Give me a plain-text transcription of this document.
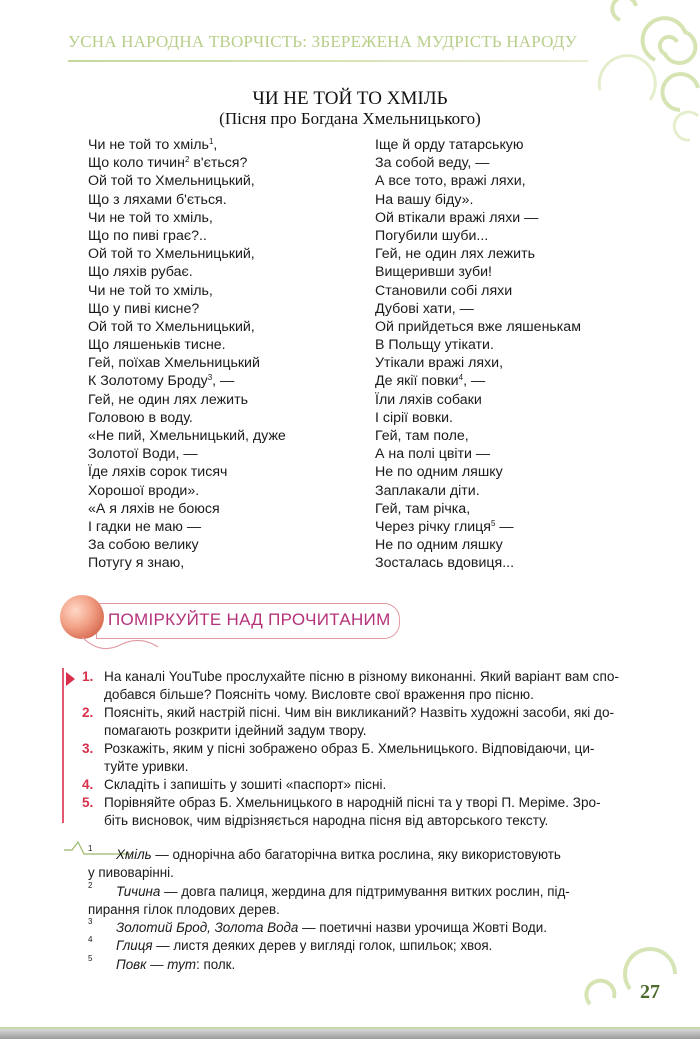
УСНА НАРОДНА ТВОРЧІСТЬ: ЗБЕРЕЖЕНА МУДРІСТЬ НАРОДУ
ЧИ НЕ ТОЙ ТО ХМІЛЬ
(Пісня про Богдана Хмельницького)
Чи не той то хміль$^1$,
Що коло тичин$^2$ в'ється?
Ой той то Хмельницький,
Що з ляхами б'ється.
Чи не той то хміль,
Що по пиві грає?..
Ой той то Хмельницький,
Що ляхів рубає.
Чи не той то хміль,
Що у пиві кисне?
Ой той то Хмельницький,
Що ляшеньків тисне.
Гей, поїхав Хмельницький
К Золотому Броду$^3$, —
Гей, не один лях лежить
Головою в воду.
«Не пий, Хмельницький, дуже
Золотої Води, —
Їде ляхів сорок тисяч
Хорошої вроди».
«А я ляхів не боюся
І гадки не маю —
За собою велику
Потугу я знаю,
Іще й орду татарськую
За собой веду, —
А все тото, вражі ляхи,
На вашу біду».
Ой втікали вражі ляхи —
Погубили шуби...
Гей, не один лях лежить
Вищеривши зуби!
Становили собі ляхи
Дубові хати, —
Ой прийдеться вже ляшенькам
В Польщу утікати.
Утікали вражі ляхи,
Де якії повки$^4$, —
Їли ляхів собаки
І сірії вовки.
Гей, там поле,
А на полі цвіти —
Не по одним ляшку
Заплакали діти.
Гей, там річка,
Через річку глиця$^5$ —
Не по одним ляшку
Зосталась вдовиця...
ПОМІРКУЙТЕ НАД ПРОЧИТАНИМ
1. На каналі YouTube прослухайте пісню в різному виконанні. Який варіант вам спо-
добався більше? Поясніть чому. Висловте свої враження про пісню.
2. Поясніть, який настрій пісні. Чим він викликаний? Назвіть художні засоби, які до-
помагають розкрити ідейний задум твору.
3. Розкажіть, яким у пісні зображено образ Б. Хмельницького. Відповідаючи, ци-
туйте уривки.
4. Складіть і запишіть у зошиті «паспорт» пісні.
5. Порівняйте образ Б. Хмельницького в народній пісні та у творі П. Меріме. Зро-
біть висновок, чим відрізняється народна пісня від авторського тексту.
1 Хміль — однорічна або багаторічна витка рослина, яку використовують
у пивоварінні.
2 Тичина — довга палиця, жердина для підтримування витких рослин, під-
пирання гілок плодових дерев.
3 Золотий Брод, Золота Вода — поетичні назви урочища Жовті Води.
4 Глиця — листя деяких дерев у вигляді голок, шпильок; хвоя.
5 Повк — тут: полк.
27
